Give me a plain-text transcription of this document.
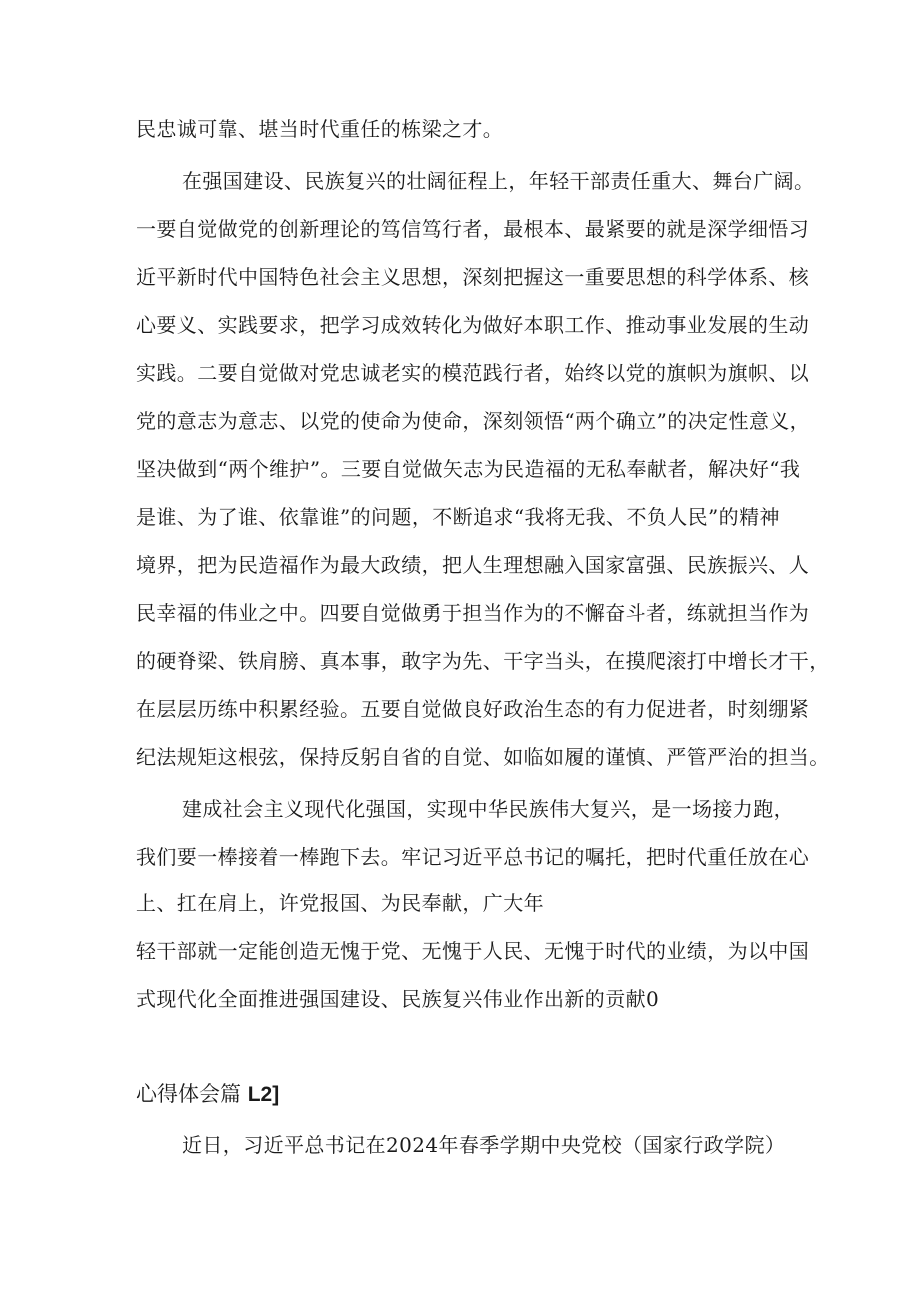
民忠诚可靠、堪当时代重任的栋梁之才。
在强国建设、民族复兴的壮阔征程上，年轻干部责任重大、舞台广阔。
一要自觉做党的创新理论的笃信笃行者，最根本、最紧要的就是深学细悟习
近平新时代中国特色社会主义思想，深刻把握这一重要思想的科学体系、核
心要义、实践要求，把学习成效转化为做好本职工作、推动事业发展的生动
实践。二要自觉做对党忠诚老实的模范践行者，始终以党的旗帜为旗帜、以
党的意志为意志、以党的使命为使命，深刻领悟“两个确立”的决定性意义，
坚决做到“两个维护”。三要自觉做矢志为民造福的无私奉献者，解决好“我
是谁、为了谁、依靠谁”的问题，不断追求“我将无我、不负人民”的精神
境界，把为民造福作为最大政绩，把人生理想融入国家富强、民族振兴、人
民幸福的伟业之中。四要自觉做勇于担当作为的不懈奋斗者，练就担当作为
的硬脊梁、铁肩膀、真本事，敢字为先、干字当头，在摸爬滚打中增长才干，
在层层历练中积累经验。五要自觉做良好政治生态的有力促进者，时刻绷紧
纪法规矩这根弦，保持反躬自省的自觉、如临如履的谨慎、严管严治的担当。
建成社会主义现代化强国，实现中华民族伟大复兴，是一场接力跑，
我们要一棒接着一棒跑下去。牢记习近平总书记的嘱托，把时代重任放在心
上、扛在肩上，许党报国、为民奉献，广大年
轻干部就一定能创造无愧于党、无愧于人民、无愧于时代的业绩，为以中国
式现代化全面推进强国建设、民族复兴伟业作出新的贡献0
心得体会篇 L2]
近日，习近平总书记在2024年春季学期中央党校（国家行政学院）
